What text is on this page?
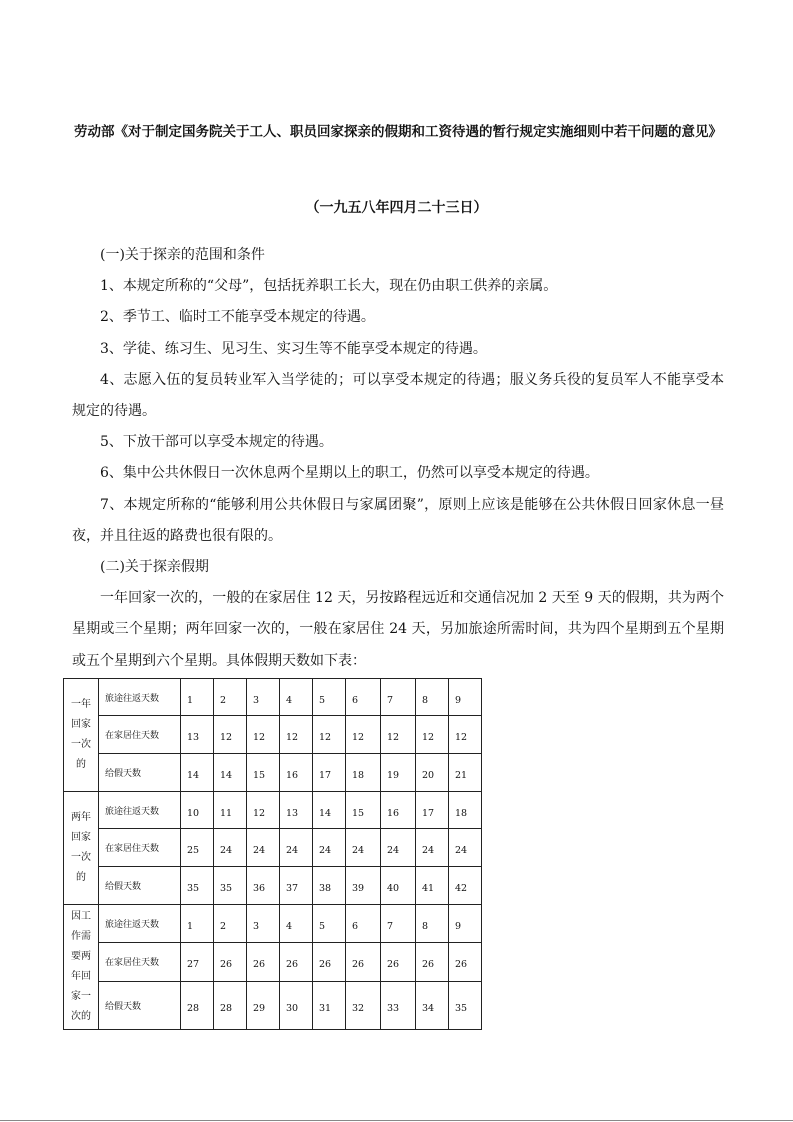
劳动部《对于制定国务院关于工人、职员回家探亲的假期和工资待遇的暂行规定实施细则中若干问题的意见》
（一九五八年四月二十三日）

(一)关于探亲的范围和条件

1、本规定所称的“父母”，包括抚养职工长大，现在仍由职工供养的亲属。

2、季节工、临时工不能享受本规定的待遇。

3、学徒、练习生、见习生、实习生等不能享受本规定的待遇。

4、志愿入伍的复员转业军入当学徒的；可以享受本规定的待遇；服义务兵役的复员军人不能享受本规定的待遇。

5、下放干部可以享受本规定的待遇。

6、集中公共休假日一次休息两个星期以上的职工，仍然可以享受本规定的待遇。

7、本规定所称的“能够利用公共休假日与家属团聚”，原则上应该是能够在公共休假日回家休息一昼夜，并且往返的路费也很有限的。

(二)关于探亲假期

一年回家一次的，一般的在家居住 12 天，另按路程远近和交通信况加 2 天至 9 天的假期，共为两个星期或三个星期；两年回家一次的，一般在家居住 24 天，另加旅途所需时间，共为四个星期到五个星期或五个星期到六个星期。具体假期天数如下表：

一年回家一次的	旅途往返天数	1	2	3	4	5	6	7	8	9
	在家居住天数	13	12	12	12	12	12	12	12	12
	给假天数	14	14	15	16	17	18	19	20	21
两年回家一次的	旅途往返天数	10	11	12	13	14	15	16	17	18
	在家居住天数	25	24	24	24	24	24	24	24	24
	给假天数	35	35	36	37	38	39	40	41	42
因工作需要两年回家一次的	旅途往返天数	1	2	3	4	5	6	7	8	9
	在家居住天数	27	26	26	26	26	26	26	26	26
	给假天数	28	28	29	30	31	32	33	34	35
